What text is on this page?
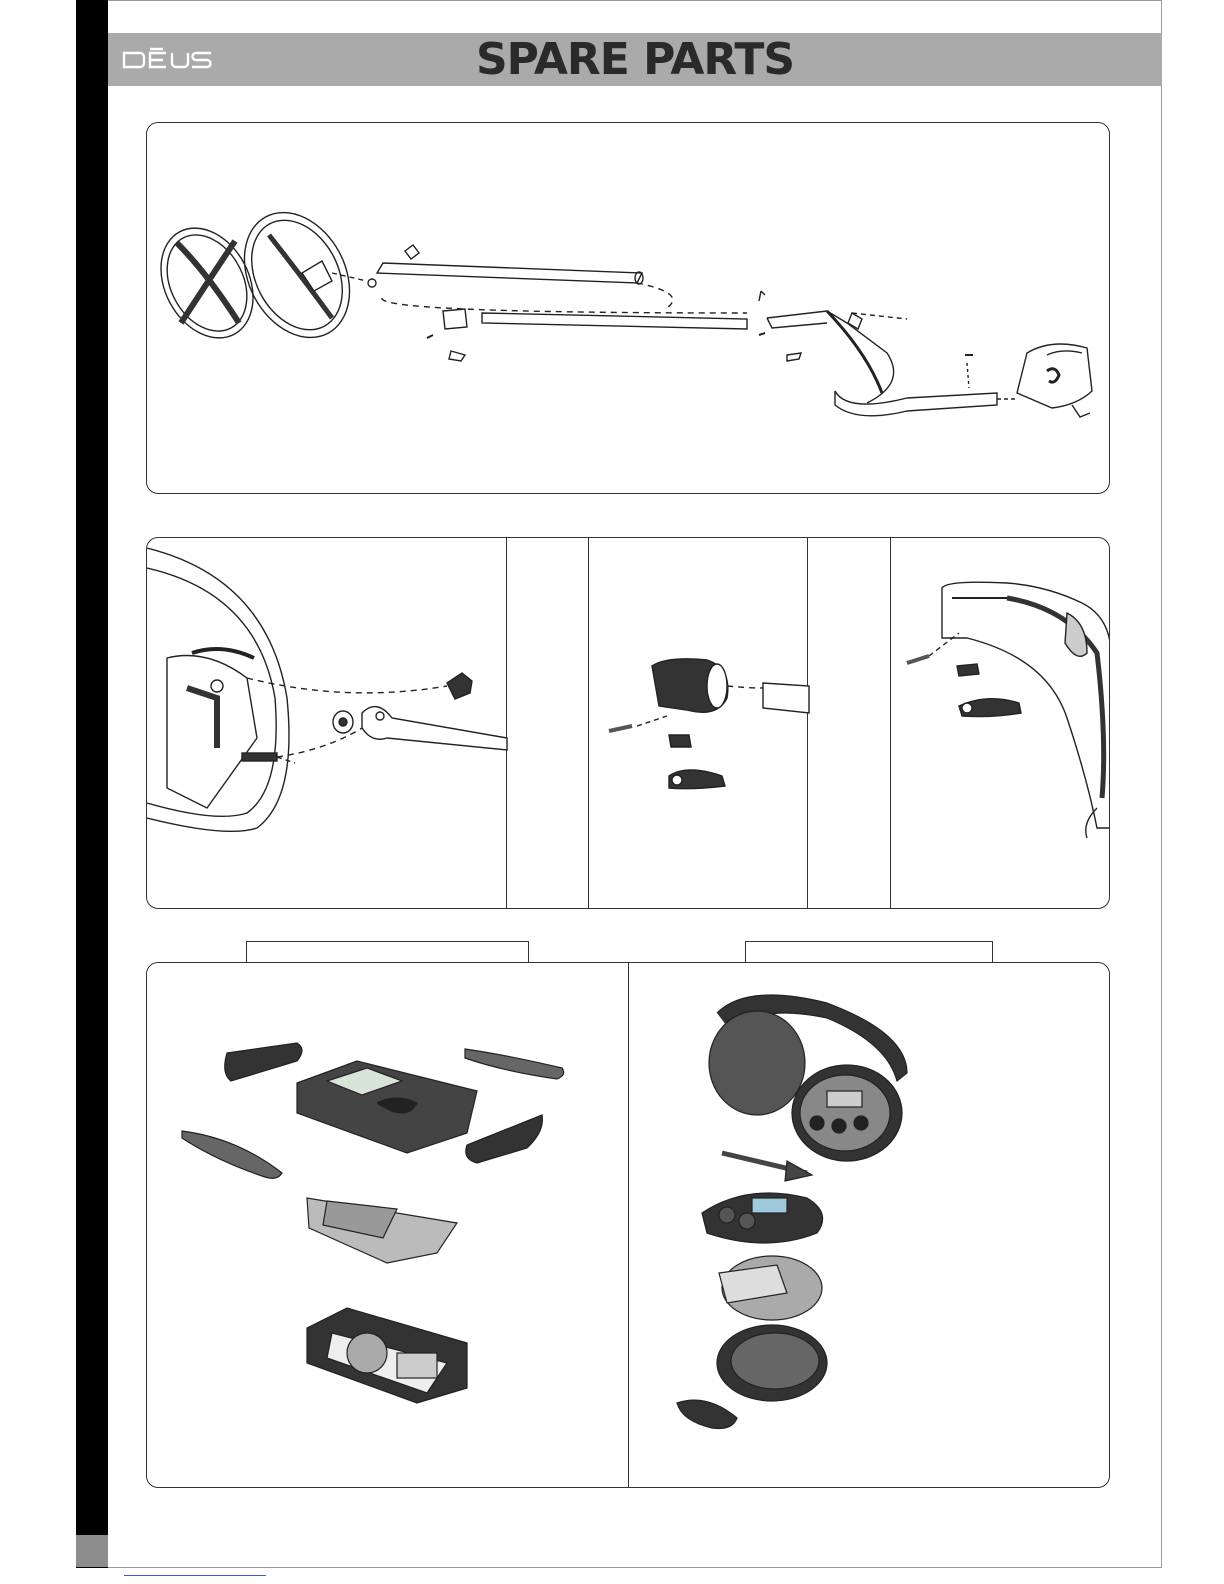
SPARE PARTS
